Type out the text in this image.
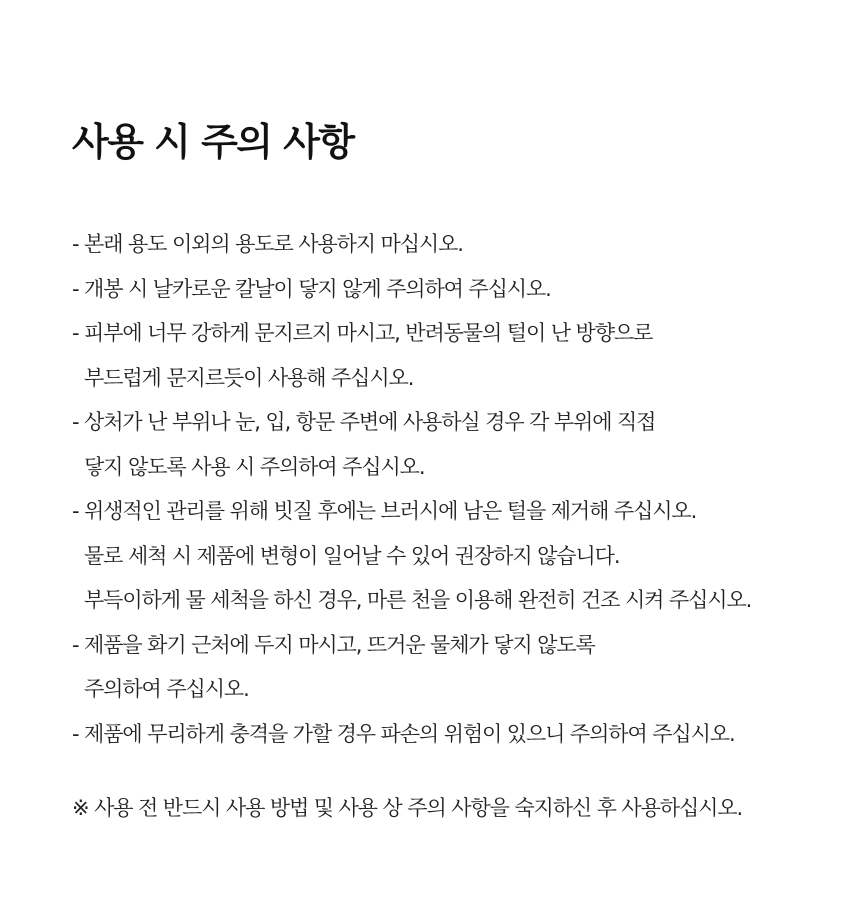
사용 시 주의 사항
- 본래 용도 이외의 용도로 사용하지 마십시오.
- 개봉 시 날카로운 칼날이 닿지 않게 주의하여 주십시오.
- 피부에 너무 강하게 문지르지 마시고, 반려동물의 털이 난 방향으로
부드럽게 문지르듯이 사용해 주십시오.
- 상처가 난 부위나 눈, 입, 항문 주변에 사용하실 경우 각 부위에 직접
닿지 않도록 사용 시 주의하여 주십시오.
- 위생적인 관리를 위해 빗질 후에는 브러시에 남은 털을 제거해 주십시오.
물로 세척 시 제품에 변형이 일어날 수 있어 권장하지 않습니다.
부득이하게 물 세척을 하신 경우, 마른 천을 이용해 완전히 건조 시켜 주십시오.
- 제품을 화기 근처에 두지 마시고, 뜨거운 물체가 닿지 않도록
주의하여 주십시오.
- 제품에 무리하게 충격을 가할 경우 파손의 위험이 있으니 주의하여 주십시오.

※ 사용 전 반드시 사용 방법 및 사용 상 주의 사항을 숙지하신 후 사용하십시오.
